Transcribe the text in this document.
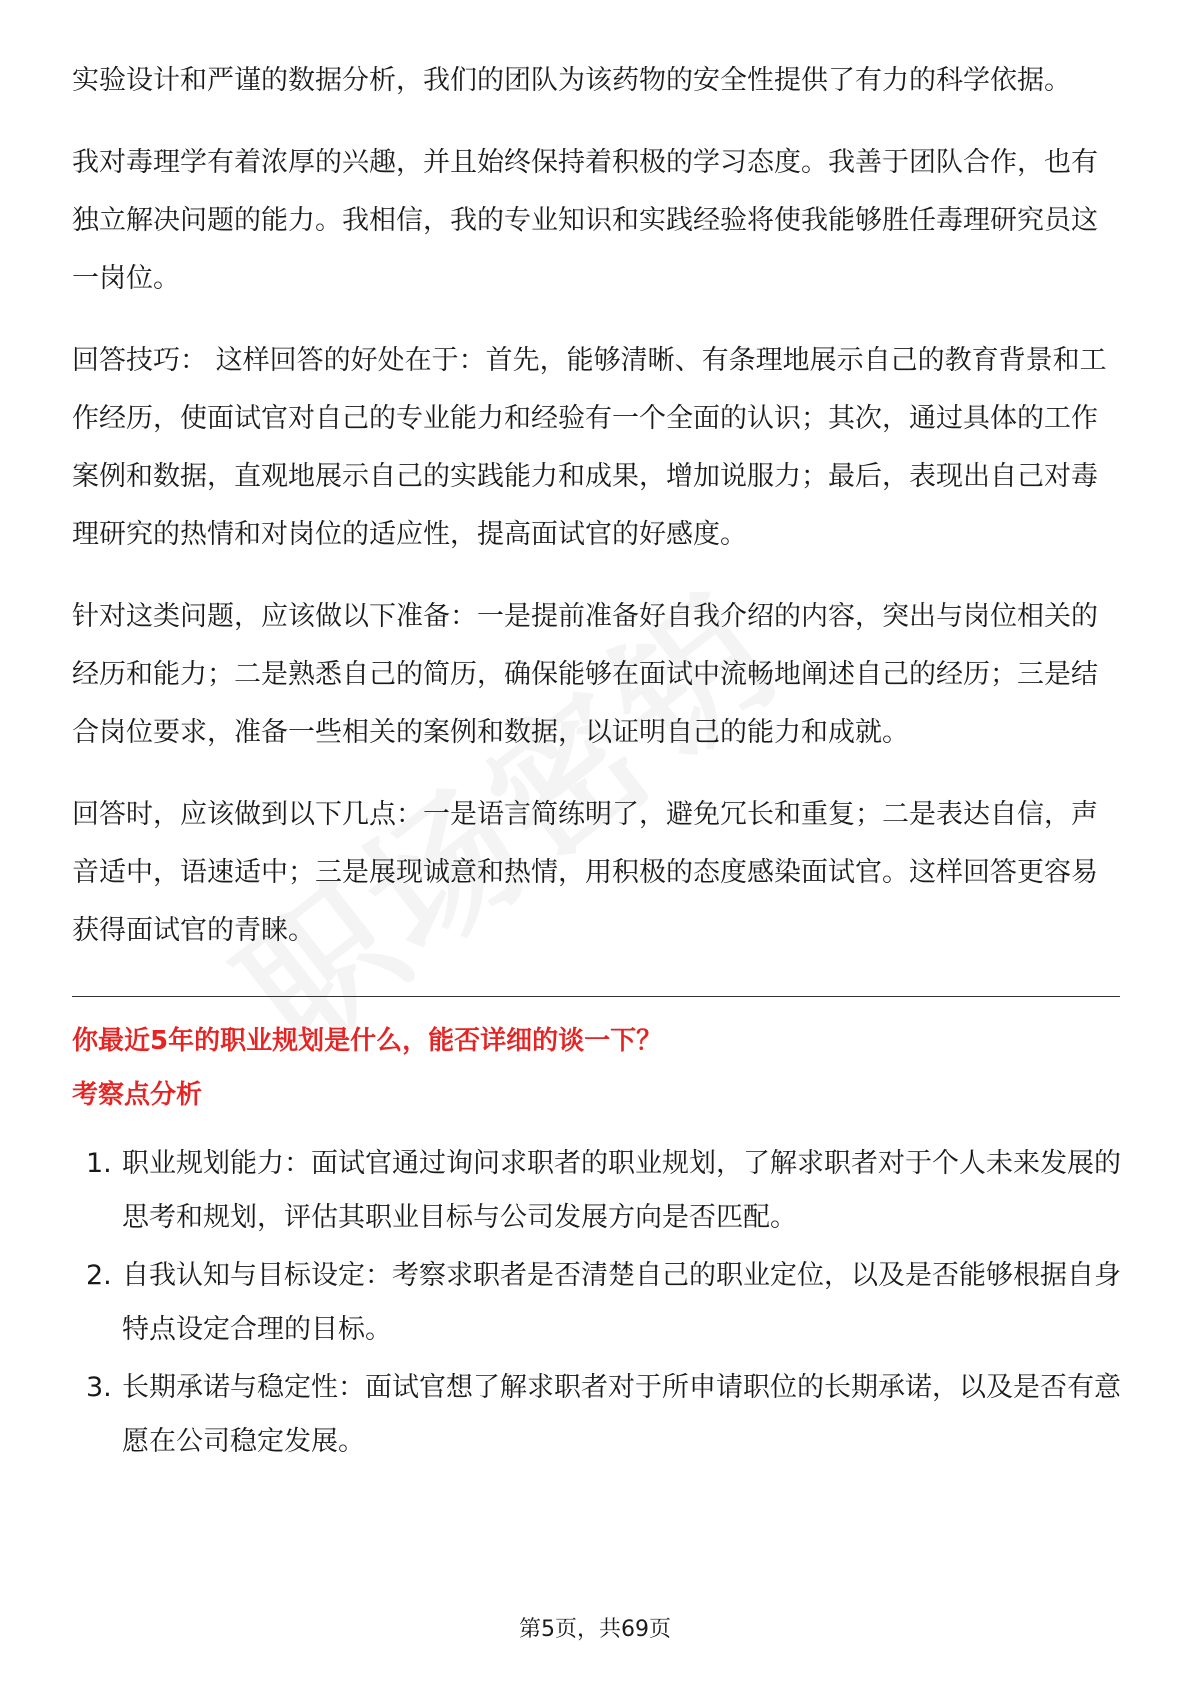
实验设计和严谨的数据分析，我们的团队为该药物的安全性提供了有力的科学依据。

我对毒理学有着浓厚的兴趣，并且始终保持着积极的学习态度。我善于团队合作，也有独立解决问题的能力。我相信，我的专业知识和实践经验将使我能够胜任毒理研究员这一岗位。

回答技巧： 这样回答的好处在于：首先，能够清晰、有条理地展示自己的教育背景和工作经历，使面试官对自己的专业能力和经验有一个全面的认识；其次，通过具体的工作案例和数据，直观地展示自己的实践能力和成果，增加说服力；最后，表现出自己对毒理研究的热情和对岗位的适应性，提高面试官的好感度。

针对这类问题，应该做以下准备：一是提前准备好自我介绍的内容，突出与岗位相关的经历和能力；二是熟悉自己的简历，确保能够在面试中流畅地阐述自己的经历；三是结合岗位要求，准备一些相关的案例和数据，以证明自己的能力和成就。

回答时，应该做到以下几点：一是语言简练明了，避免冗长和重复；二是表达自信，声音适中，语速适中；三是展现诚意和热情，用积极的态度感染面试官。这样回答更容易获得面试官的青睐。

你最近5年的职业规划是什么，能否详细的谈一下？
考察点分析
1. 职业规划能力：面试官通过询问求职者的职业规划，了解求职者对于个人未来发展的思考和规划，评估其职业目标与公司发展方向是否匹配。
2. 自我认知与目标设定：考察求职者是否清楚自己的职业定位，以及是否能够根据自身特点设定合理的目标。
3. 长期承诺与稳定性：面试官想了解求职者对于所申请职位的长期承诺，以及是否有意愿在公司稳定发展。
第5页，共69页
